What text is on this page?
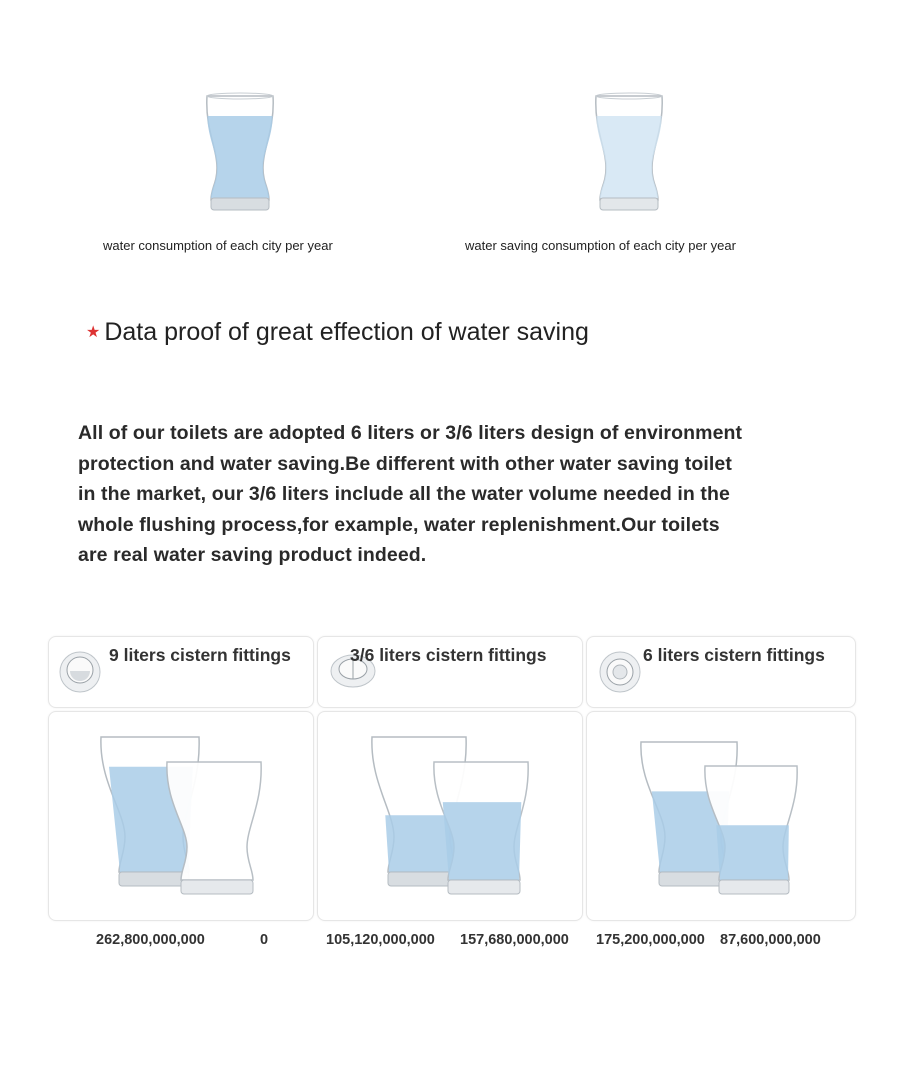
water consumption of each city per year	water saving consumption of each city per year
★ Data proof of great effection of water saving
All of our toilets are adopted 6 liters or 3/6 liters design of environment
protection and water saving.Be different with other water saving toilet
in the market, our 3/6 liters include all the water volume needed in the
whole flushing process,for example, water replenishment.Our toilets
are real water saving product indeed.
9 liters cistern fittings	3/6 liters cistern fittings	6 liters cistern fittings
262,800,000,000	0	105,120,000,000 157,680,000,000 175,200,000,000 87,600,000,000
